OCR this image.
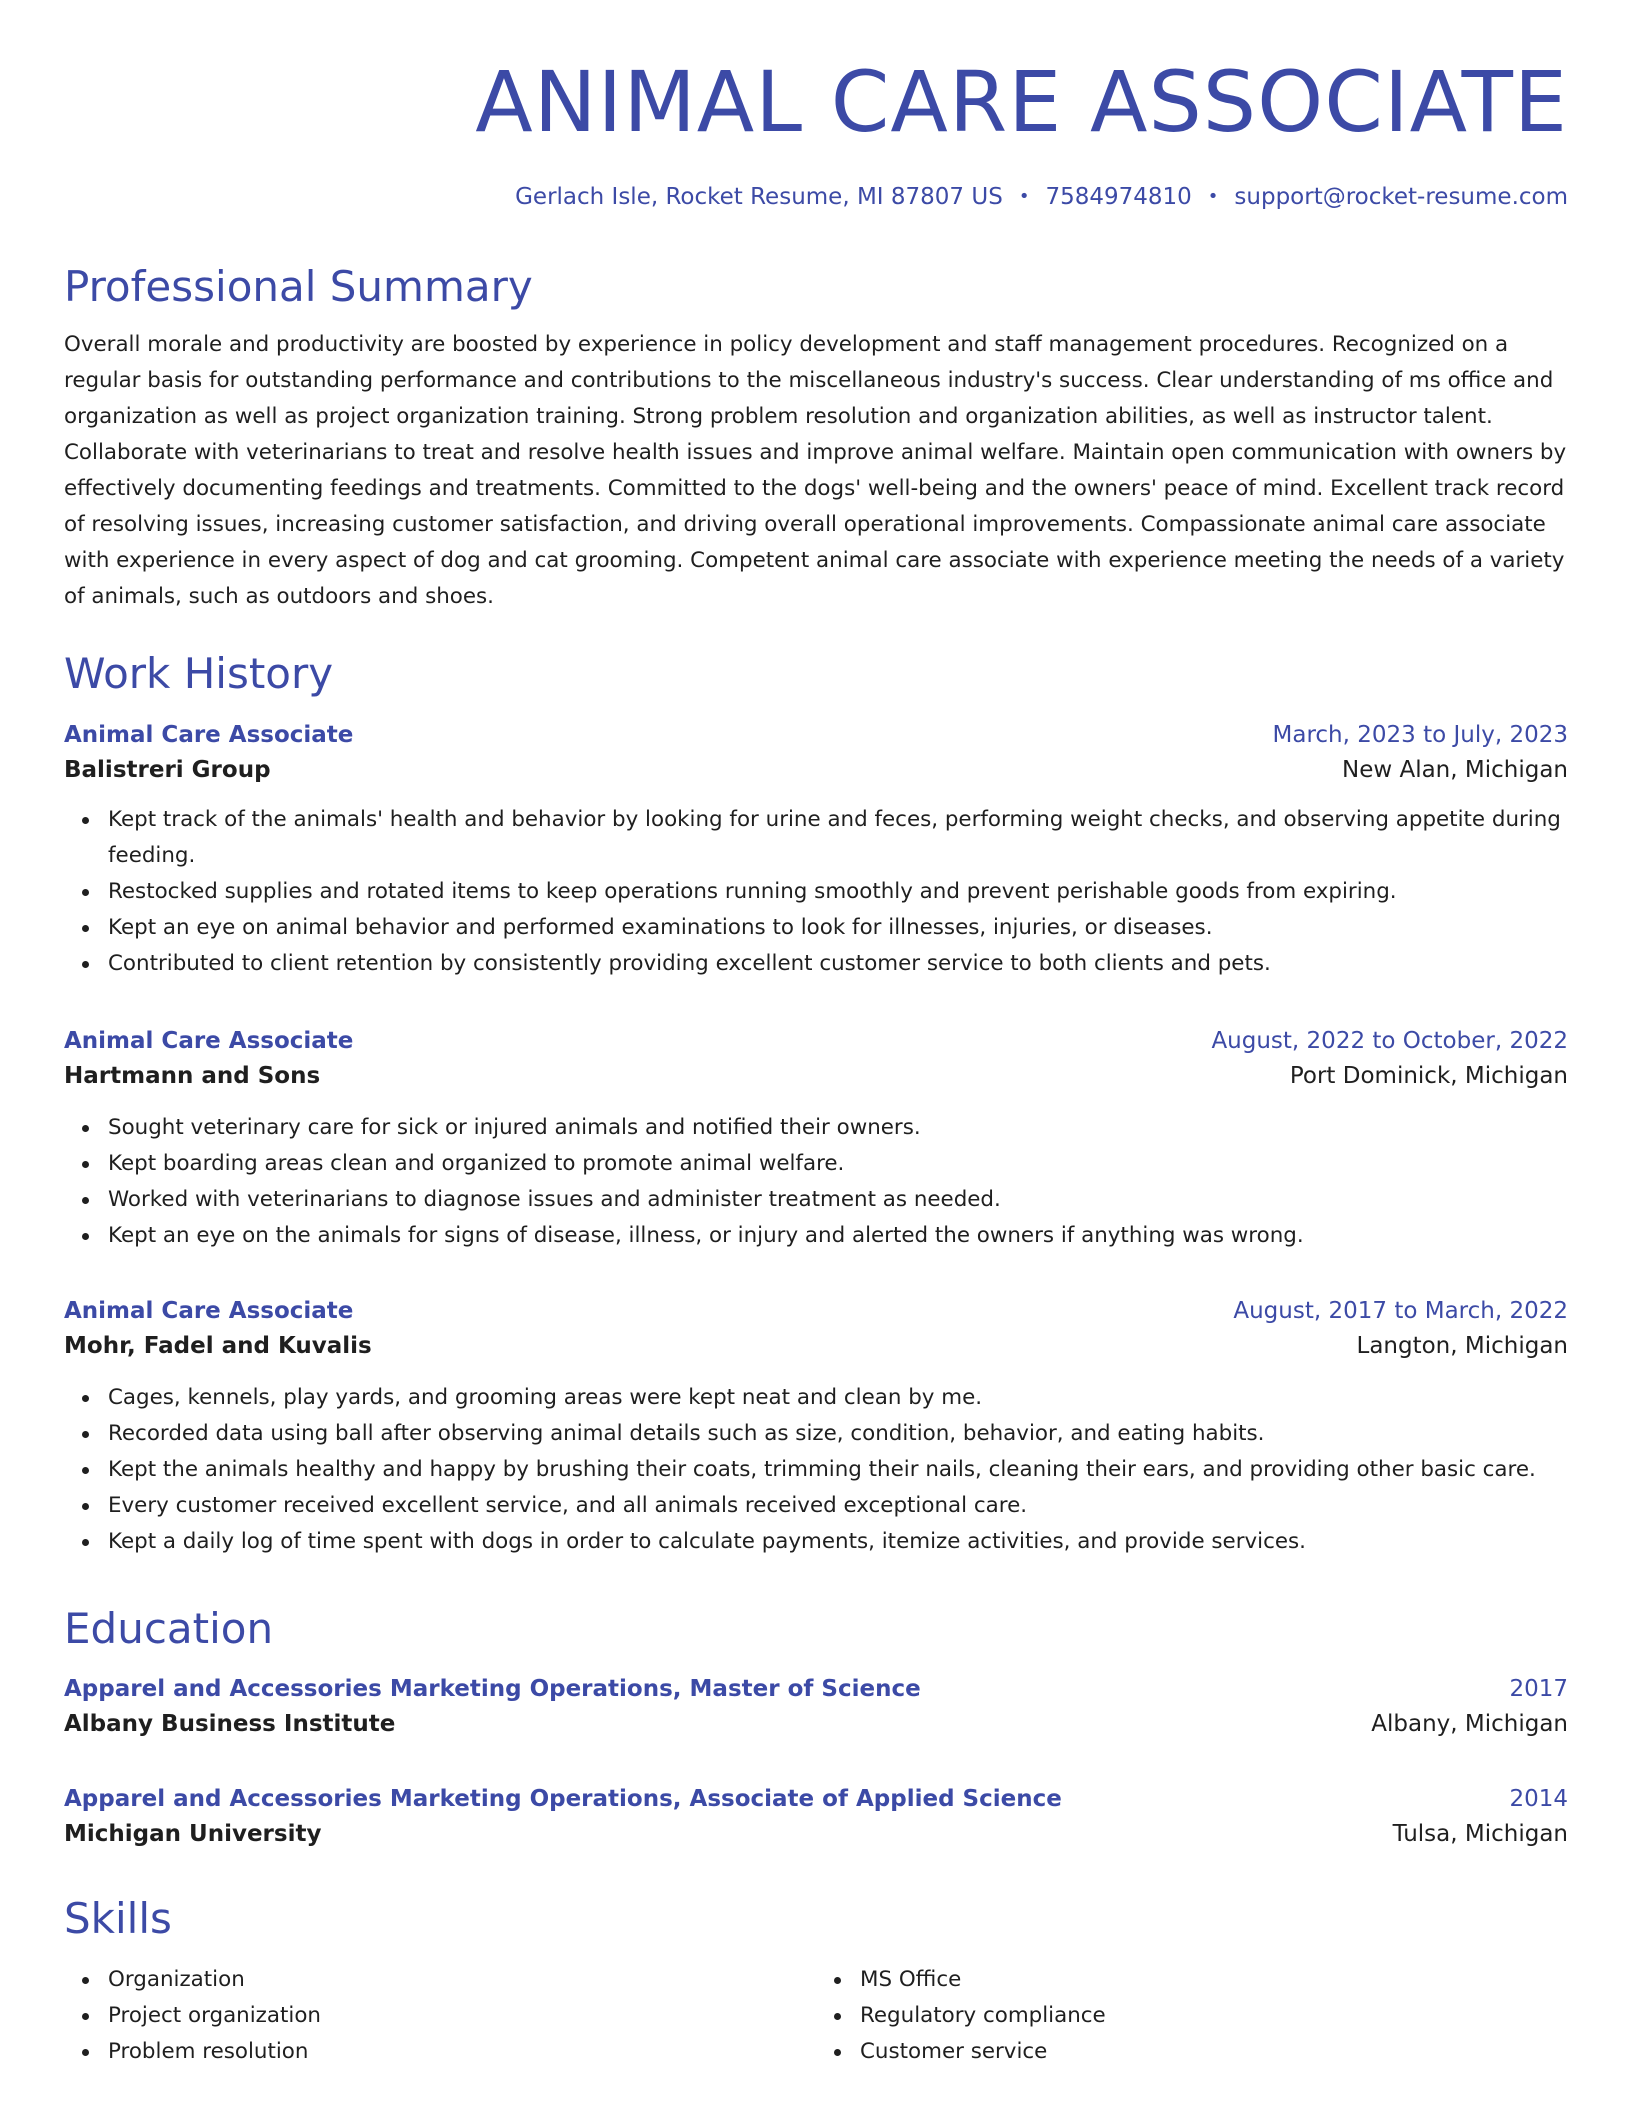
ANIMAL CARE ASSOCIATE
Gerlach Isle, Rocket Resume, MI 87807 US • 7584974810 • support@rocket-resume.com
Professional Summary

Overall morale and productivity are boosted by experience in policy development and staff management procedures. Recognized on a regular basis for outstanding performance and contributions to the miscellaneous industry's success. Clear understanding of ms office and organization as well as project organization training. Strong problem resolution and organization abilities, as well as instructor talent. Collaborate with veterinarians to treat and resolve health issues and improve animal welfare. Maintain open communication with owners by effectively documenting feedings and treatments. Committed to the dogs' well-being and the owners' peace of mind. Excellent track record of resolving issues, increasing customer satisfaction, and driving overall operational improvements. Compassionate animal care associate with experience in every aspect of dog and cat grooming. Competent animal care associate with experience meeting the needs of a variety of animals, such as outdoors and shoes.

Work History
Animal Care Associate	March, 2023 to July, 2023
Balistreri Group	New Alan, Michigan
Kept track of the animals' health and behavior by looking for urine and feces, performing weight checks, and observing appetite during feeding.
Restocked supplies and rotated items to keep operations running smoothly and prevent perishable goods from expiring.
Kept an eye on animal behavior and performed examinations to look for illnesses, injuries, or diseases.
Contributed to client retention by consistently providing excellent customer service to both clients and pets.
Animal Care Associate	August, 2022 to October, 2022
Hartmann and Sons	Port Dominick, Michigan
Sought veterinary care for sick or injured animals and notified their owners.
Kept boarding areas clean and organized to promote animal welfare.
Worked with veterinarians to diagnose issues and administer treatment as needed.
Kept an eye on the animals for signs of disease, illness, or injury and alerted the owners if anything was wrong.
Animal Care Associate	August, 2017 to March, 2022
Mohr, Fadel and Kuvalis	Langton, Michigan
Cages, kennels, play yards, and grooming areas were kept neat and clean by me.
Recorded data using ball after observing animal details such as size, condition, behavior, and eating habits.
Kept the animals healthy and happy by brushing their coats, trimming their nails, cleaning their ears, and providing other basic care.
Every customer received excellent service, and all animals received exceptional care.
Kept a daily log of time spent with dogs in order to calculate payments, itemize activities, and provide services.
Education
Apparel and Accessories Marketing Operations, Master of Science	2017
Albany Business Institute	Albany, Michigan
Apparel and Accessories Marketing Operations, Associate of Applied Science	2014
Michigan University	Tulsa, Michigan
Skills
Organization
Project organization
Problem resolution
MS Office
Regulatory compliance
Customer service
